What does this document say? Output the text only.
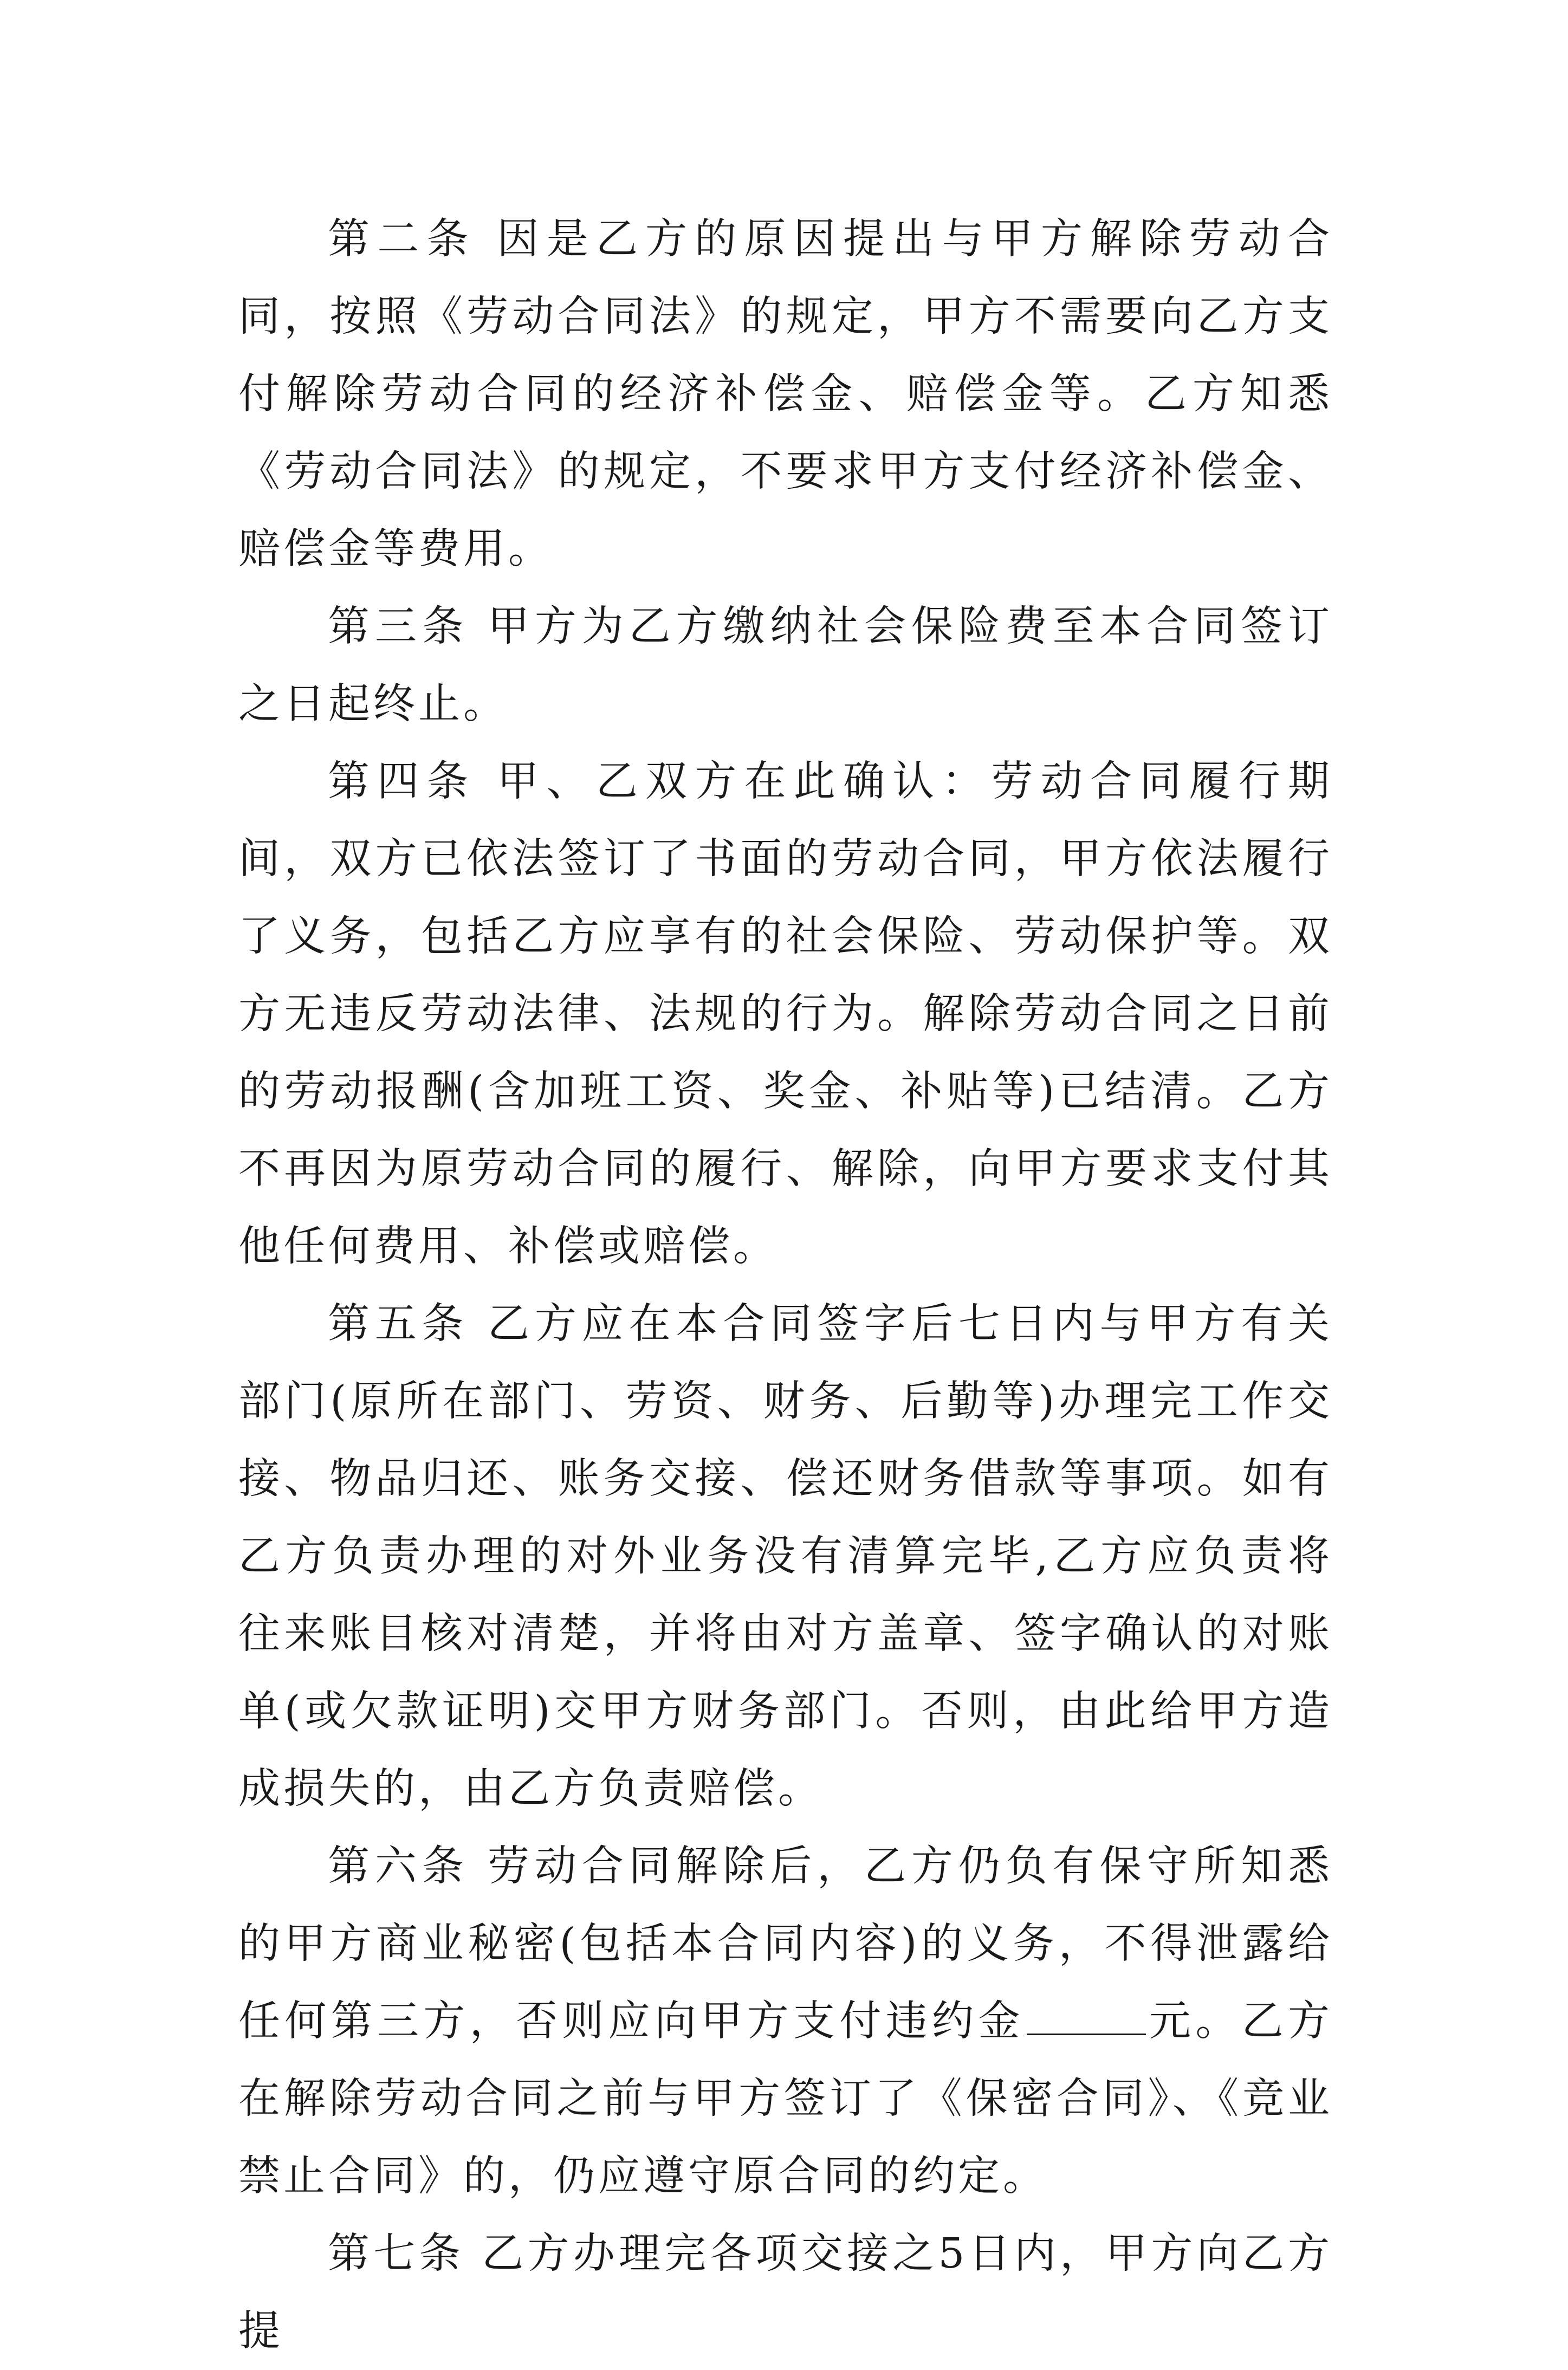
第二条 因是乙方的原因提出与甲方解除劳动合同，按照《劳动合同法》的规定，甲方不需要向乙方支付解除劳动合同的经济补偿金、赔偿金等。乙方知悉《劳动合同法》的规定，不要求甲方支付经济补偿金、赔偿金等费用。

第三条 甲方为乙方缴纳社会保险费至本合同签订之日起终止。

第四条 甲、乙双方在此确认：劳动合同履行期间，双方已依法签订了书面的劳动合同，甲方依法履行了义务，包括乙方应享有的社会保险、劳动保护等。双方无违反劳动法律、法规的行为。解除劳动合同之日前的劳动报酬(含加班工资、奖金、补贴等)已结清。乙方不再因为原劳动合同的履行、解除，向甲方要求支付其他任何费用、补偿或赔偿。

第五条 乙方应在本合同签字后七日内与甲方有关部门(原所在部门、劳资、财务、后勤等)办理完工作交接、物品归还、账务交接、偿还财务借款等事项。如有乙方负责办理的对外业务没有清算完毕,乙方应负责将往来账目核对清楚，并将由对方盖章、签字确认的对账单(或欠款证明)交甲方财务部门。否则，由此给甲方造成损失的，由乙方负责赔偿。

第六条 劳动合同解除后，乙方仍负有保守所知悉的甲方商业秘密(包括本合同内容)的义务，不得泄露给任何第三方，否则应向甲方支付违约金	元。乙方在解除劳动合同之前与甲方签订了《保密合同》、《竞业禁止合同》的，仍应遵守原合同的约定。

第七条 乙方办理完各项交接之5日内，甲方向乙方提
